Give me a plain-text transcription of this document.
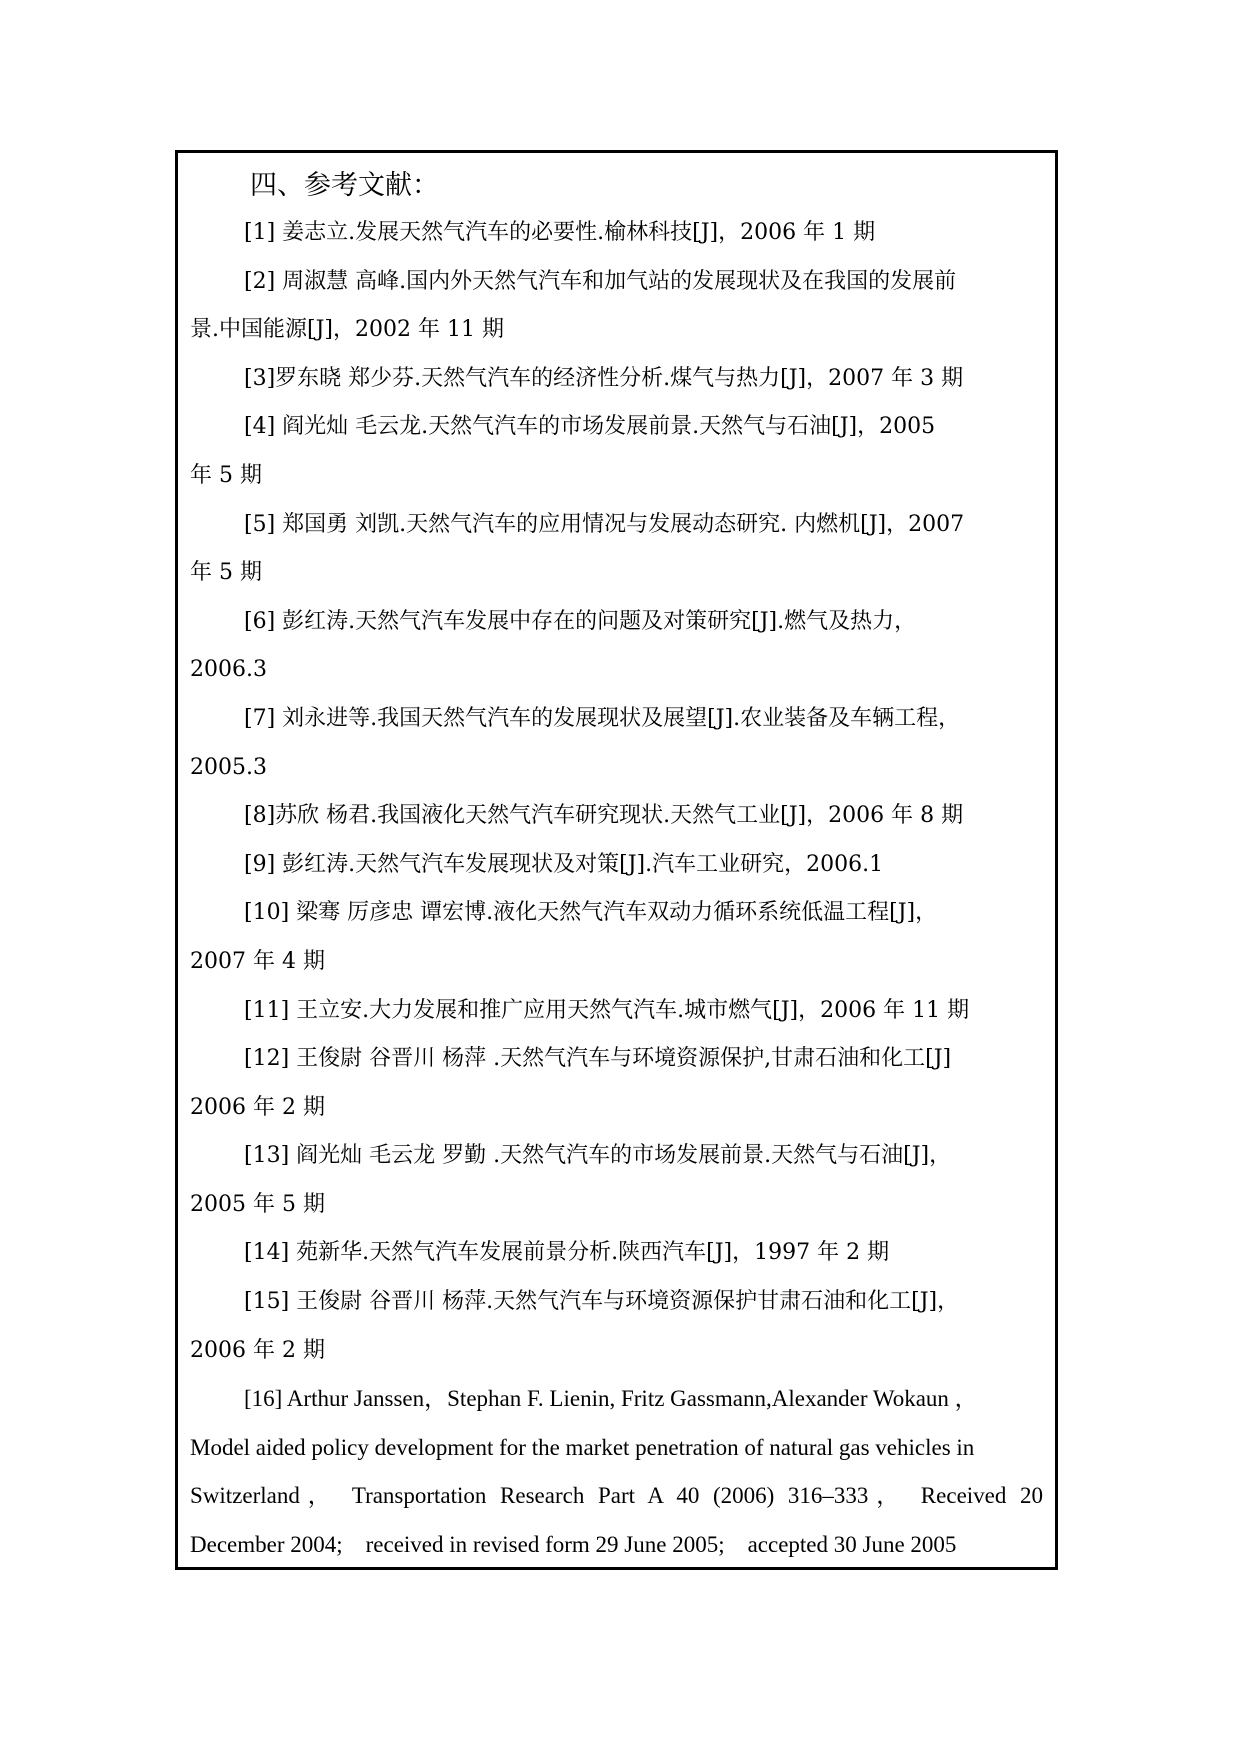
四、参考文献：
[1] 姜志立.发展天然气汽车的必要性.榆林科技[J]，2006 年 1 期
[2] 周淑慧 高峰.国内外天然气汽车和加气站的发展现状及在我国的发展前
景.中国能源[J]，2002 年 11 期
[3]罗东晓 郑少芬.天然气汽车的经济性分析.煤气与热力[J]，2007 年 3 期
[4] 阎光灿 毛云龙.天然气汽车的市场发展前景.天然气与石油[J]，2005
年 5 期
[5] 郑国勇 刘凯.天然气汽车的应用情况与发展动态研究. 内燃机[J]，2007
年 5 期
[6] 彭红涛.天然气汽车发展中存在的问题及对策研究[J].燃气及热力，
2006.3
[7] 刘永进等.我国天然气汽车的发展现状及展望[J].农业装备及车辆工程，
2005.3
[8]苏欣 杨君.我国液化天然气汽车研究现状.天然气工业[J]，2006 年 8 期
[9] 彭红涛.天然气汽车发展现状及对策[J].汽车工业研究，2006.1
[10] 梁骞 厉彦忠 谭宏博.液化天然气汽车双动力循环系统低温工程[J]，
2007 年 4 期
[11] 王立安.大力发展和推广应用天然气汽车.城市燃气[J]，2006 年 11 期
[12] 王俊尉 谷晋川 杨萍 .天然气汽车与环境资源保护,甘肃石油和化工[J]
2006 年 2 期
[13] 阎光灿 毛云龙 罗勤 .天然气汽车的市场发展前景.天然气与石油[J]，
2005 年 5 期
[14] 苑新华.天然气汽车发展前景分析.陕西汽车[J]，1997 年 2 期
[15] 王俊尉 谷晋川 杨萍.天然气汽车与环境资源保护甘肃石油和化工[J]，
2006 年 2 期
[16] Arthur Janssen，Stephan F. Lienin, Fritz Gassmann,Alexander Wokaun ，
Model aided policy development for the market penetration of natural gas vehicles in
Switzerland， Transportation Research Part A 40 (2006) 316–333， Received 20
December 2004;　received in revised form 29 June 2005;　accepted 30 June 2005
